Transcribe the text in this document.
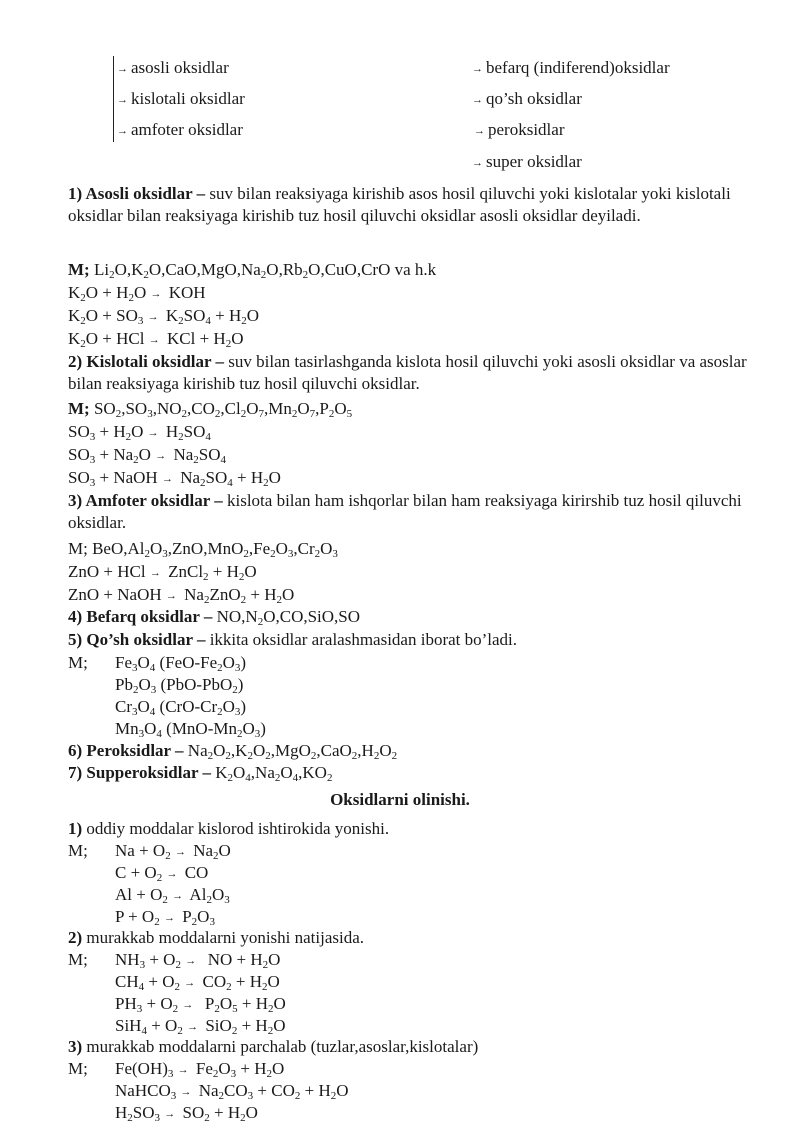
→ asosli oksidlar
→ kislotali oksidlar
→ amfoter oksidlar
→ befarq (indiferend)oksidlar
→ qo’sh oksidlar
→ peroksidlar
→ super oksidlar
1) Asosli oksidlar – suv bilan reaksiyaga kirishib asos hosil qiluvchi yoki kislotalar yoki kislotali oksidlar bilan reaksiyaga kirishib tuz hosil qiluvchi oksidlar asosli oksidlar deyiladi.
M; $Li_2O,K_2O,CaO,MgO,Na_2O,Rb_2O,CuO,CrO$ va h.k
$K_2O + H_2O$ → KOH
$K_2O + SO_3 \to K_2SO_4 + H_2O$
$K_2O$ + HCl → KCl + $H_2O$
2) Kislotali oksidlar – suv bilan tasirlashganda kislota hosil qiluvchi yoki asosli oksidlar va asoslar bilan reaksiyaga kirishib tuz hosil qiluvchi oksidlar.
M; $SO_2,SO_3,NO_2,CO_2,Cl_2O_7,Mn_2O_7,P_2O_5$
$SO_3 + H_2O \to H_2SO_4$
$SO_3 + Na_2O \to Na_2SO_4$
$SO_3$ + NaOH → $Na_2SO_4 + H_2O$
3) Amfoter oksidlar – kislota bilan ham ishqorlar bilan ham reaksiyaga kirirshib tuz hosil qiluvchi oksidlar.
M; $BeO,Al_2O_3,ZnO,MnO_2,Fe_2O_3,Cr_2O_3$
ZnO + HCl → ZnCl$_2$ + $H_2O$
ZnO + NaOH → $Na_2ZnO_2 + H_2O$
4) Befarq oksidlar – $NO,N_2O,CO,SiO,SO$
5) Qo’sh oksidlar – ikkita oksidlar aralashmasidan iborat bo’ladi.
M; $Fe_3O_4$ $(FeO-Fe_2O_3)$
$Pb_2O_3$ (PbO-PbO$_2$)
$Cr_3O_4$ $(CrO-Cr_2O_3)$
$Mn_3O_4$ $(MnO-Mn_2O_3)$
6) Peroksidlar – $Na_2O_2,K_2O_2,MgO_2,CaO_2,H_2O_2$
7) Supperoksidlar – $K_2O_4,Na_2O_4,KO_2$
Oksidlarni olinishi.
1) oddiy moddalar kislorod ishtirokida yonishi.
M; $Na + O_2 \to Na_2O$
$C + O_2$ → CO
$Al + O_2 \to Al_2O_3$
$P + O_2 \to P_2O_3$
2) murakkab moddalarni yonishi natijasida.
M; $NH_3 + O_2$ →  NO + $H_2O$
$CH_4 + O_2 \to CO_2 + H_2O$
$PH_3 + O_2 \to P_2O_5 + H_2O$
$SiH_4 + O_2 \to SiO_2 + H_2O$
3) murakkab moddalarni parchalab (tuzlar,asoslar,kislotalar)
M; $Fe(OH)_3 \to Fe_2O_3 + H_2O$
NaHCO$_3$ → $Na_2CO_3 + CO_2 + H_2O$
$H_2SO_3 \to SO_2 + H_2O$
